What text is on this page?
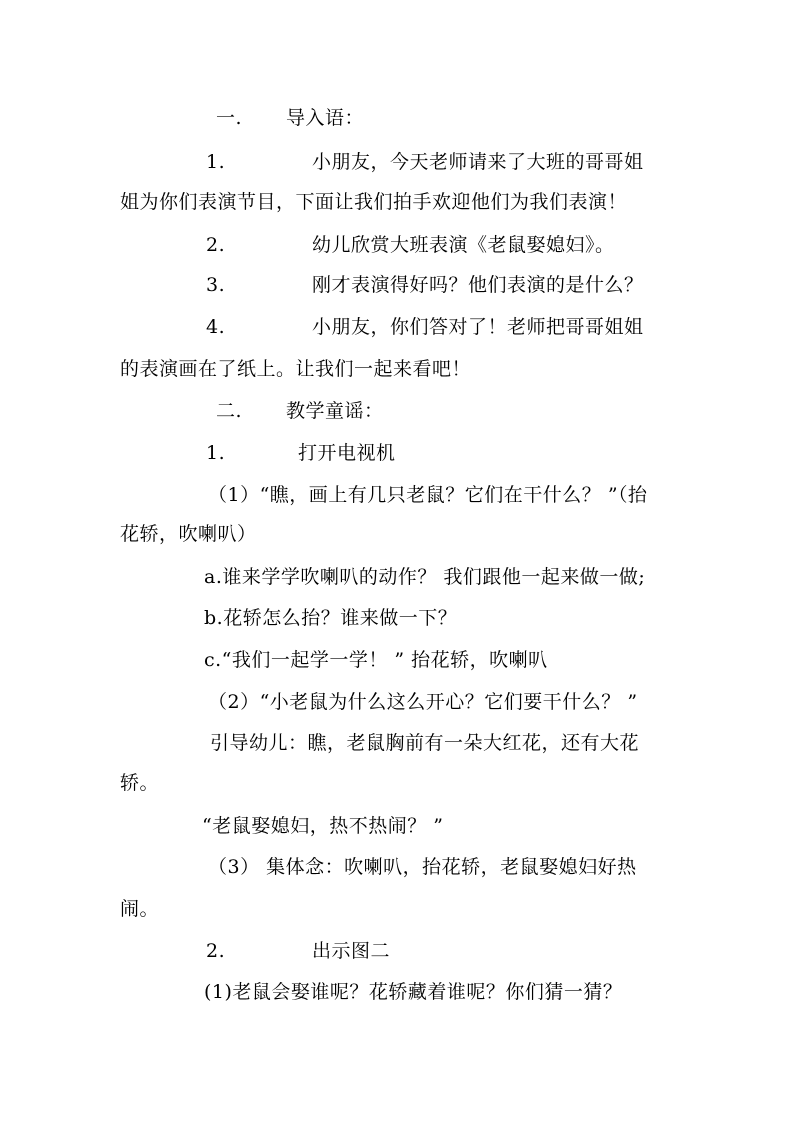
一. 导入语：
1.	小朋友，今天老师请来了大班的哥哥姐
姐为你们表演节目，下面让我们拍手欢迎他们为我们表演！
2.	幼儿欣赏大班表演《老鼠娶媳妇》。
3.	刚才表演得好吗？他们表演的是什么？
4.	小朋友，你们答对了！老师把哥哥姐姐
的表演画在了纸上。让我们一起来看吧！
二. 教学童谣：
1.	打开电视机
（1）“瞧，画上有几只老鼠？它们在干什么？ ”（抬
花轿，吹喇叭）
a.谁来学学吹喇叭的动作？ 我们跟他一起来做一做;
b.花轿怎么抬？谁来做一下？
c.“我们一起学一学！ ” 抬花轿，吹喇叭
（2）“小老鼠为什么这么开心？它们要干什么？ ”
引导幼儿：瞧，老鼠胸前有一朵大红花，还有大花
轿。
“老鼠娶媳妇，热不热闹？ ”
（3） 集体念：吹喇叭，抬花轿，老鼠娶媳妇好热
闹。
2.	出示图二
(1)老鼠会娶谁呢？花轿藏着谁呢？你们猜一猜？
